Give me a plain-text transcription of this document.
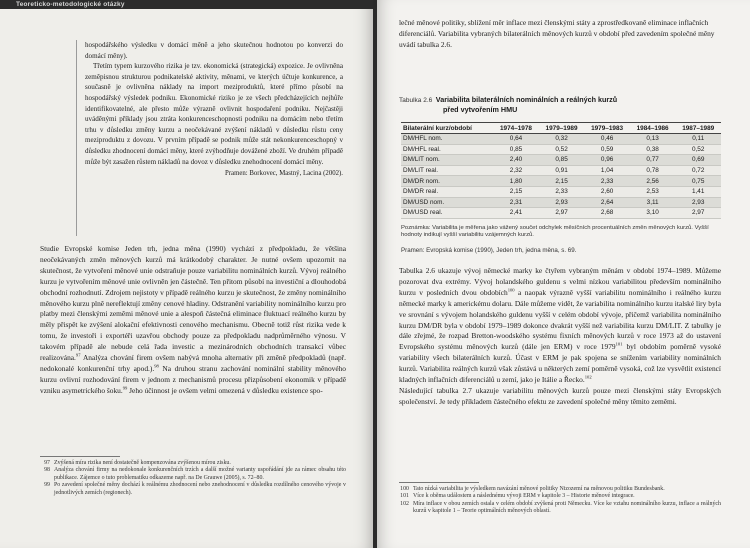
Teoreticko-metodologické otázky

hospodářského výsledku v domácí měně a jeho skutečnou hodnotou po konverzi do domácí měny).

Třetím typem kurzového rizika je tzv. ekonomická (strategická) expozice. Je ovlivněna zeměpisnou strukturou podnikatelské aktivity, měnami, ve kterých účtuje konkurence, a současně je ovlivněna náklady na import meziproduktů, které přímo působí na hospodářský výsledek podniku. Ekonomické riziko je ze všech předcházejících nejhůře identifikovatelné, ale přesto může výrazně ovlivnit hospodaření podniku. Nejčastěji uváděnými příklady jsou ztráta konkurenceschopnosti podniku na domácím nebo třetím trhu v důsledku změny kurzu a neočekávané zvýšení nákladů v důsledku růstu ceny meziproduktu z dovozu. V prvním případě se podnik může stát nekonkurenceschopný v důsledku zhodnocení domácí měny, které zvýhodňuje dovážené zboží. Ve druhém případě může být zasažen růstem nákladů na dovoz v důsledku znehodnocení domácí měny.

Pramen: Borkovec, Mastný, Lacina (2002).

Studie Evropské komise Jeden trh, jedna měna (1990) vychází z předpokladu, že většina neočekávaných změn měnových kurzů má krátkodobý charakter. Je nutné ovšem upozornit na skutečnost, že vytvoření měnové unie odstraňuje pouze variabilitu nominálních kurzů. Vývoj reálného kurzu je vytvořením měnové unie ovlivněn jen částečně. Ten přitom působí na investiční a dlouhodobá obchodní rozhodnutí. Zdrojem nejistoty v případě reálného kurzu je skutečnost, že změny nominálního měnového kurzu plně nereflektují změny cenové hladiny. Odstranění variability nominálního kurzu pro platby mezi členskými zeměmi měnové unie a alespoň částečná eliminace fluktuací reálného kurzu by měly přispět ke zvýšení alokační efektivnosti cenového mechanismu. Obecně totiž růst rizika vede k tomu, že investoři i exportéři uzavřou obchody pouze za předpokladu nadprůměrného výnosu. V takovém případě ale nebude celá řada investic a mezinárodních obchodních transakcí vůbec realizována.$^{97}$ Analýza chování firem ovšem nabývá mnoha alternativ při změně předpokladů (např. nedokonalé konkurenční trhy apod.).$^{98}$ Na druhou stranu zachování nominální stability měnového kurzu ovlivní rozhodování firem v jednom z mechanismů procesu přizpůsobení ekonomik v případě vzniku asymetrického šoku.$^{99}$ Jeho účinnost je ovšem velmi omezená v důsledku existence spo-

97 Zvýšená míra rizika není dostatečně kompenzována zvýšenou mírou zisku.
98 Analýza chování firmy na nedokonale konkurenčních trzích a další možné varianty uspořádání jde za rámec obsahu této publikace. Zájemce o tuto problematiku odkazeme např. na De Grauwe (2005), s. 72–80.
99 Po zavedení společné měny dochází k reálnému zhodnocení nebo znehodnocení v důsledku rozdílného cenového vývoje v jednotlivých zemích (regionech).

lečné měnové politiky, sblížení měr inflace mezi členskými státy a zprostředkovaně eliminace inflačních diferenciálů. Variabilita vybraných bilaterálních měnových kurzů v období před zavedením společné měny uvádí tabulka 2.6.

Tabulka 2.6 Variabilita bilaterálních nominálních a reálných kurzů
před vytvořením HMU
Bilaterální kurz/období	1974–1978	1979–1989	1979–1983	1984–1986	1987–1989
DM/HFL nom.	0,64	0,32	0,46	0,13	0,11
DM/HFL real.	0,85	0,52	0,59	0,38	0,52
DM/LIT nom.	2,40	0,85	0,96	0,77	0,69
DM/LIT real.	2,32	0,91	1,04	0,78	0,72
DM/DR nom.	1,80	2,15	2,33	2,56	0,75
DM/DR real.	2,15	2,33	2,60	2,53	1,41
DM/USD nom.	2,31	2,93	2,64	3,11	2,93
DM/USD real.	2,41	2,97	2,68	3,10	2,97
Poznámka: Variabilita je měřena jako vážený součet odchylek měsíčních procentuálních změn měnových kurzů. Vyšší hodnoty indikují vyšší variabilitu vzájemných kurzů.
Pramen: Evropská komise (1990), Jeden trh, jedna měna, s. 69.

Tabulka 2.6 ukazuje vývoj německé marky ke čtyřem vybraným měnám v období 1974–1989. Můžeme pozorovat dva extrémy. Vývoj holandského guldenu s velmi nízkou variabilitou především nominálního kurzu v posledních dvou obdobích$^{100}$ a naopak výrazně vyšší variabilitu nominálního i reálného kurzu německé marky k americkému dolaru. Dále můžeme vidět, že variabilita nominálního kurzu italské liry byla ve srovnání s vývojem holandského guldenu vyšší v celém období vývoje, přičemž variabilita nominálního kurzu DM/DR byla v období 1979–1989 dokonce dvakrát vyšší než variabilita kurzu DM/LIT. Z tabulky je dále zřejmé, že rozpad Bretton-woodského systému fixních měnových kurzů v roce 1973 až do ustavení Evropského systému měnových kurzů (dále jen ERM) v roce 1979$^{101}$ byl obdobím poměrně vysoké variability všech bilaterálních kurzů. Účast v ERM je pak spojena se snížením variability nominálních kurzů. Variabilita reálných kurzů však zůstává u některých zemí poměrně vysoká, což lze vysvětlit existencí kladných inflačních diferenciálů u zemí, jako je Itálie a Řecko.$^{102}$

Následující tabulka 2.7 ukazuje variabilitu měnových kurzů pouze mezi členskými státy Evropských společenství. Je tedy příkladem částečného efektu ze zavedení společné měny těmito zeměmi.

100 Tato nízká variabilita je výsledkem navázání měnové politiky Nizozemí na měnovou politiku Bundesbank.
101 Více k oběma událostem a následnému vývoji ERM v kapitole 3 – Historie měnové integrace.
102 Míra inflace v obou zemích ostala v celém období zvýšená proti Německu. Více ke vztahu nominálního kurzu, inflace a reálných kurzů v kapitole 1 – Teorie optimálních měnových oblastí.
